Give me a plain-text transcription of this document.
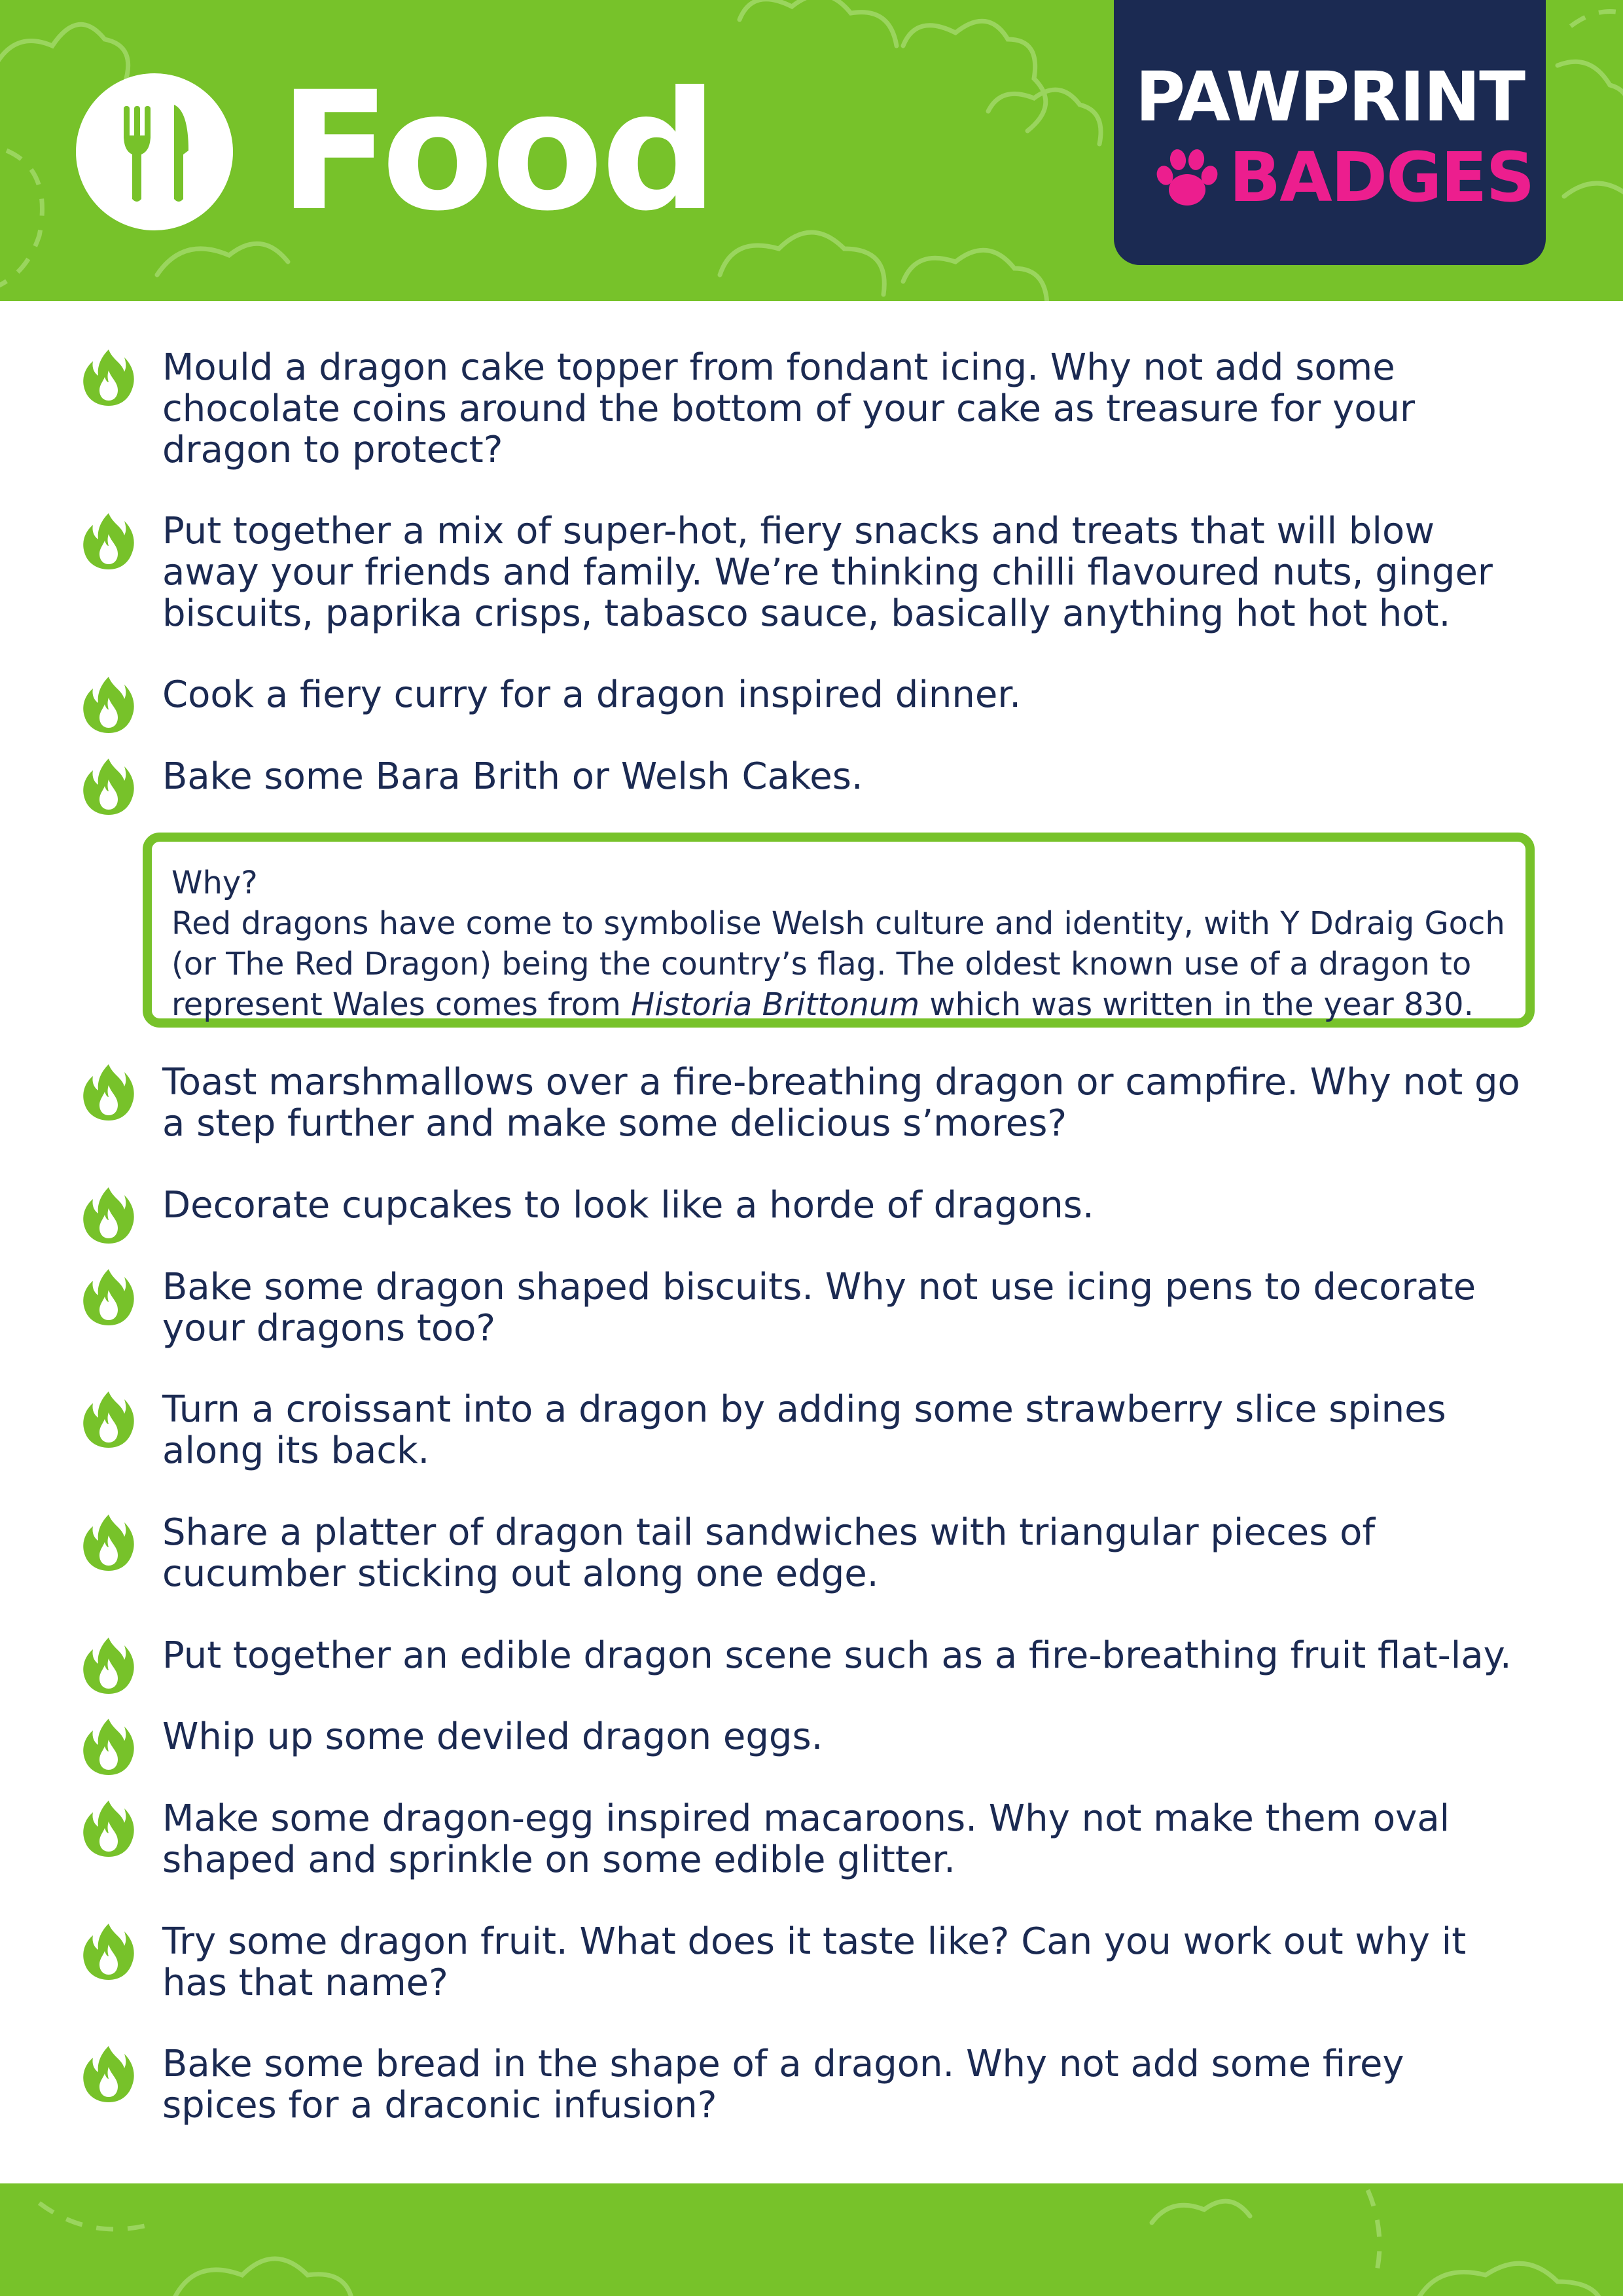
Food	PAWPRINT
BADGES
Mould a dragon cake topper from fondant icing. Why not add some chocolate coins around the bottom of your cake as treasure for your dragon to protect?
Put together a mix of super-hot, fiery snacks and treats that will blow away your friends and family. We’re thinking chilli flavoured nuts, ginger biscuits, paprika crisps, tabasco sauce, basically anything hot hot hot.
Cook a fiery curry for a dragon inspired dinner.
Bake some Bara Brith or Welsh Cakes.
Why?
Red dragons have come to symbolise Welsh culture and identity, with Y Ddraig Goch (or The Red Dragon) being the country’s flag. The oldest known use of a dragon to represent Wales comes from Historia Brittonum which was written in the year 830.
Toast marshmallows over a fire-breathing dragon or campfire. Why not go a step further and make some delicious s’mores?
Decorate cupcakes to look like a horde of dragons.
Bake some dragon shaped biscuits. Why not use icing pens to decorate your dragons too?
Turn a croissant into a dragon by adding some strawberry slice spines along its back.
Share a platter of dragon tail sandwiches with triangular pieces of cucumber sticking out along one edge.
Put together an edible dragon scene such as a fire-breathing fruit flat-lay.
Whip up some deviled dragon eggs.
Make some dragon-egg inspired macaroons. Why not make them oval shaped and sprinkle on some edible glitter.
Try some dragon fruit. What does it taste like? Can you work out why it has that name?
Bake some bread in the shape of a dragon. Why not add some firey spices for a draconic infusion?
